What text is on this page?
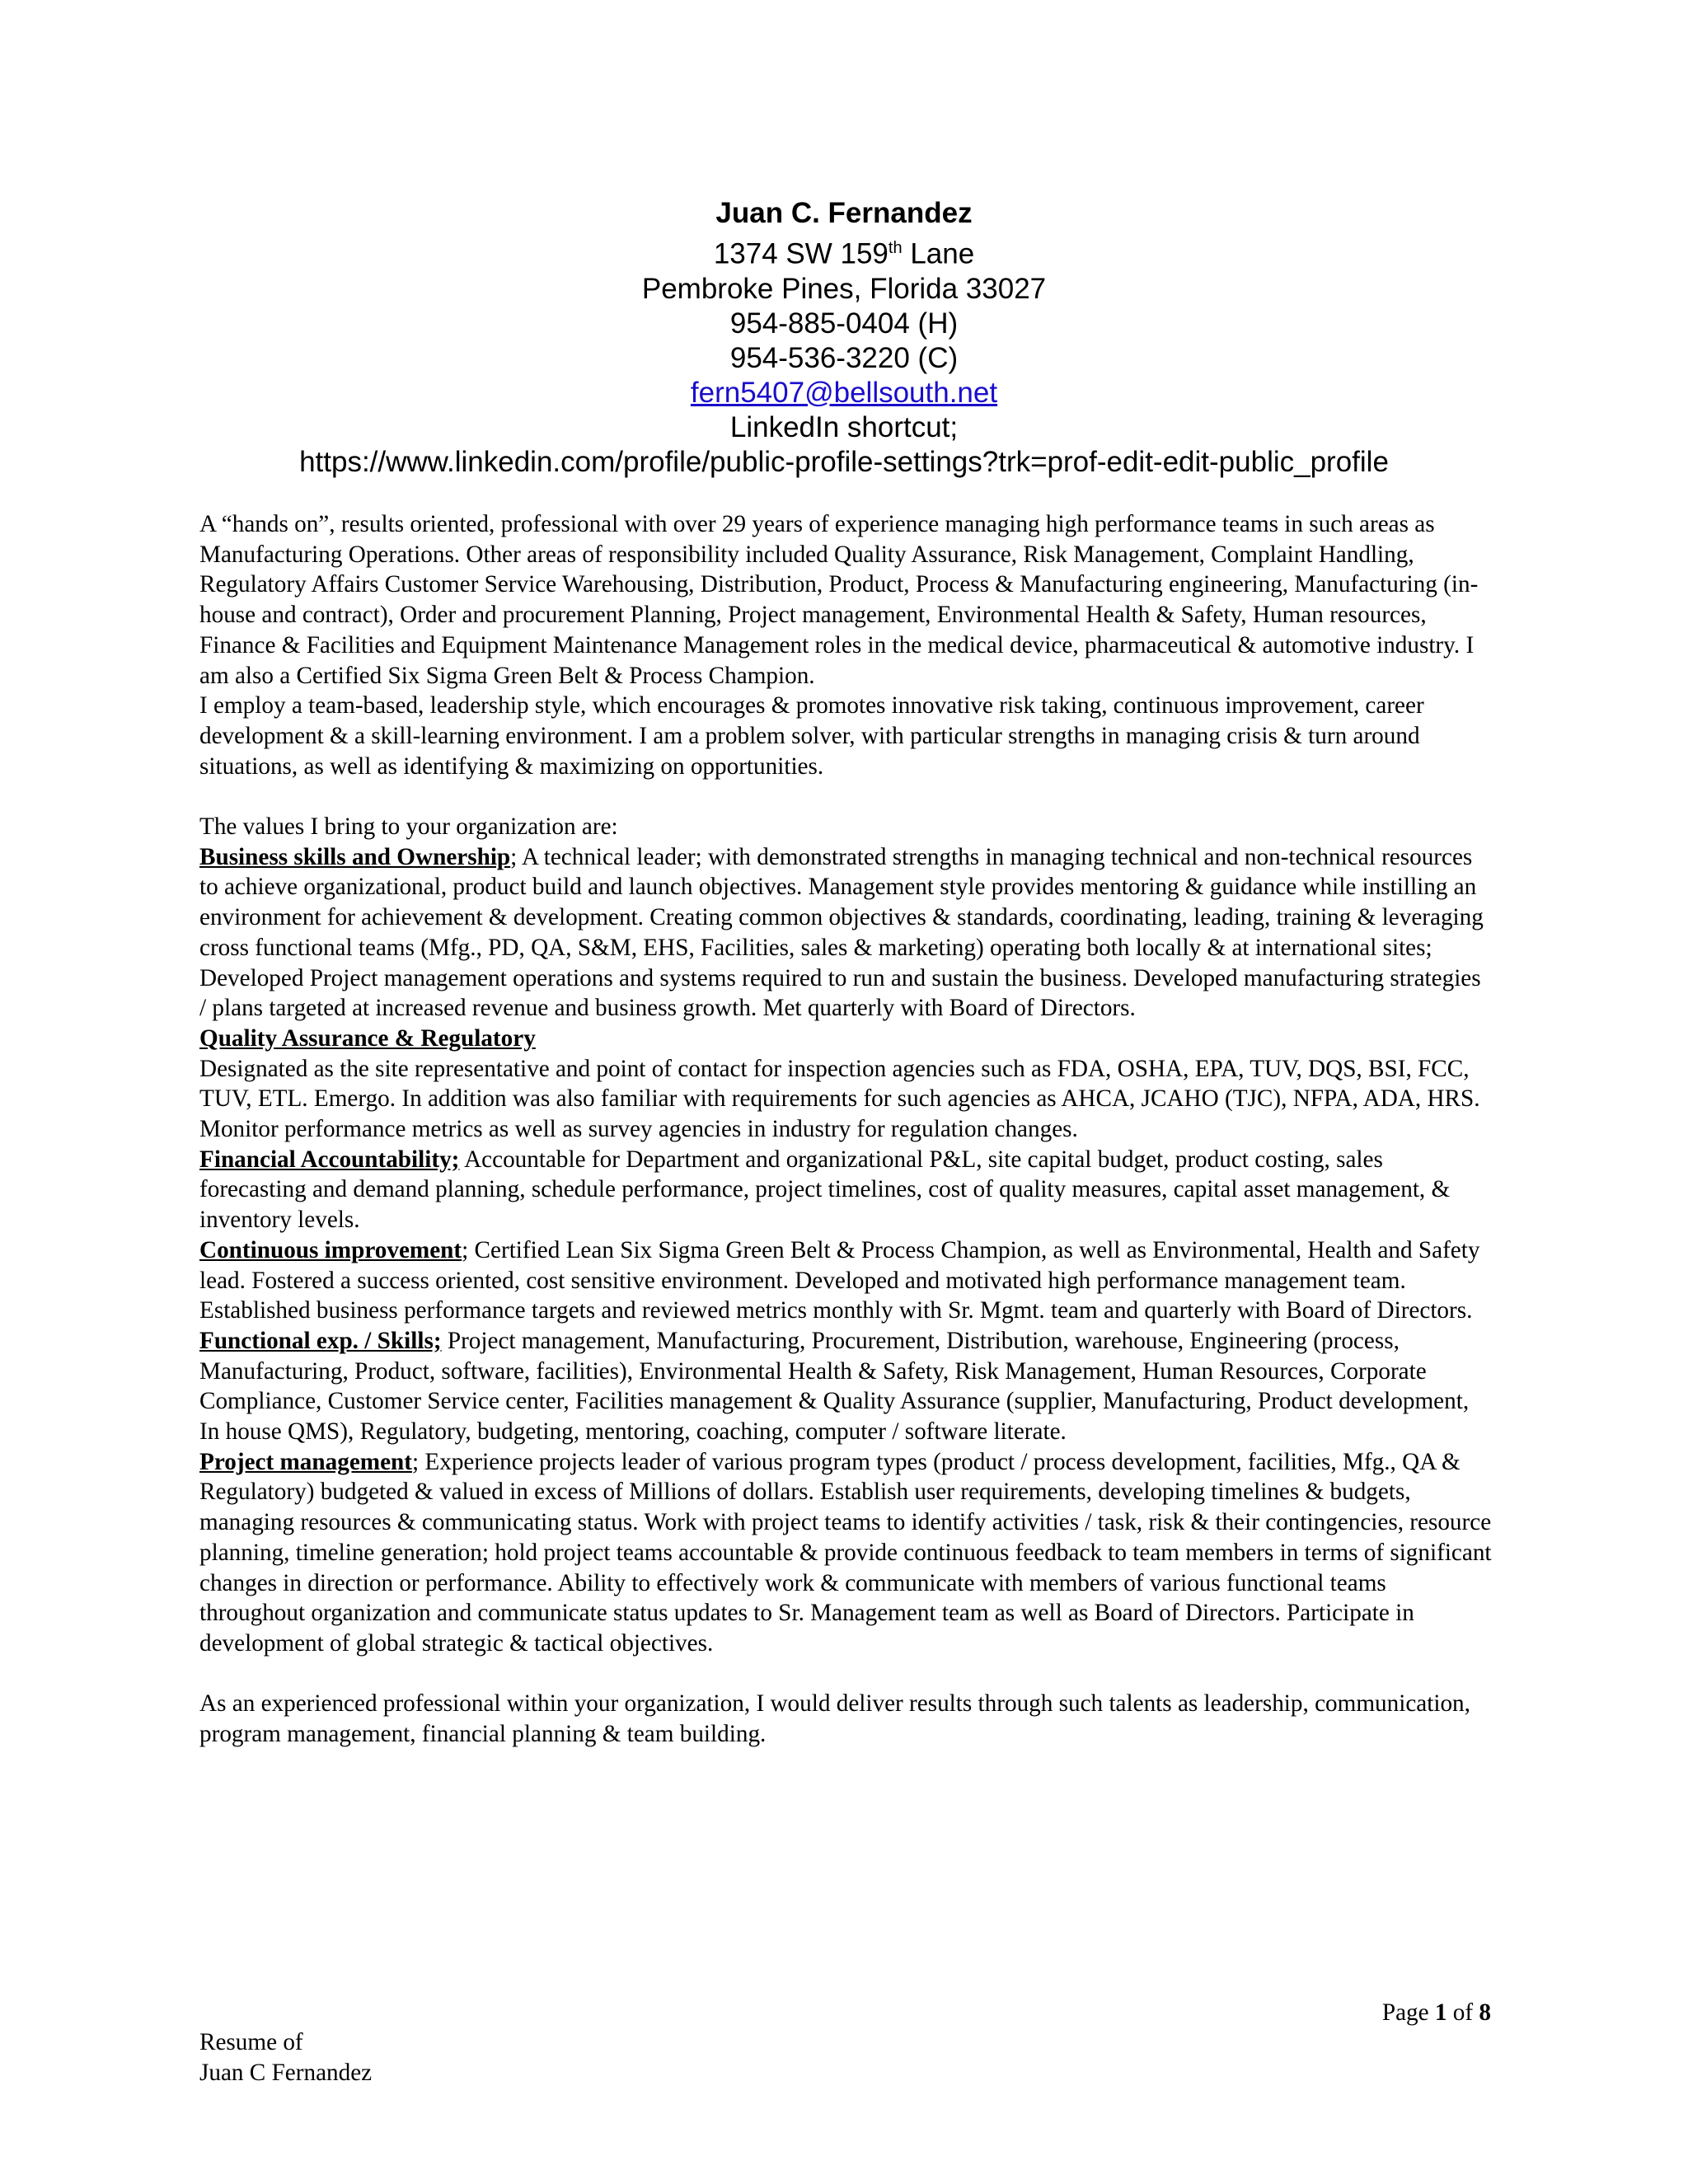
Juan C. Fernandez
1374 SW 159th Lane
Pembroke Pines, Florida 33027
954-885-0404 (H)
954-536-3220 (C)
fern5407@bellsouth.net
LinkedIn shortcut;
https://www.linkedin.com/profile/public-profile-settings?trk=prof-edit-edit-public_profile

A “hands on”, results oriented, professional with over 29 years of experience managing high performance teams in such areas as Manufacturing Operations. Other areas of responsibility included Quality Assurance, Risk Management, Complaint Handling, Regulatory Affairs Customer Service Warehousing, Distribution, Product, Process & Manufacturing engineering, Manufacturing (in-house and contract), Order and procurement Planning, Project management, Environmental Health & Safety, Human resources, Finance & Facilities and Equipment Maintenance Management roles in the medical device, pharmaceutical & automotive industry. I am also a Certified Six Sigma Green Belt & Process Champion.

I employ a team-based, leadership style, which encourages & promotes innovative risk taking, continuous improvement, career development & a skill-learning environment. I am a problem solver, with particular strengths in managing crisis & turn around situations, as well as identifying & maximizing on opportunities.

The values I bring to your organization are:

Business skills and Ownership; A technical leader; with demonstrated strengths in managing technical and non-technical resources to achieve organizational, product build and launch objectives. Management style provides mentoring & guidance while instilling an environment for achievement & development. Creating common objectives & standards, coordinating, leading, training & leveraging cross functional teams (Mfg., PD, QA, S&M, EHS, Facilities, sales & marketing) operating both locally & at international sites; Developed Project management operations and systems required to run and sustain the business. Developed manufacturing strategies / plans targeted at increased revenue and business growth. Met quarterly with Board of Directors.

Quality Assurance & Regulatory

Designated as the site representative and point of contact for inspection agencies such as FDA, OSHA, EPA, TUV, DQS, BSI, FCC, TUV, ETL. Emergo. In addition was also familiar with requirements for such agencies as AHCA, JCAHO (TJC), NFPA, ADA, HRS. Monitor performance metrics as well as survey agencies in industry for regulation changes.

Financial Accountability; Accountable for Department and organizational P&L, site capital budget, product costing, sales forecasting and demand planning, schedule performance, project timelines, cost of quality measures, capital asset management, & inventory levels.

Continuous improvement; Certified Lean Six Sigma Green Belt & Process Champion, as well as Environmental, Health and Safety lead. Fostered a success oriented, cost sensitive environment. Developed and motivated high performance management team. Established business performance targets and reviewed metrics monthly with Sr. Mgmt. team and quarterly with Board of Directors.

Functional exp. / Skills; Project management, Manufacturing, Procurement, Distribution, warehouse, Engineering (process, Manufacturing, Product, software, facilities), Environmental Health & Safety, Risk Management, Human Resources, Corporate Compliance, Customer Service center, Facilities management & Quality Assurance (supplier, Manufacturing, Product development, In house QMS), Regulatory, budgeting, mentoring, coaching, computer / software literate.

Project management; Experience projects leader of various program types (product / process development, facilities, Mfg., QA & Regulatory) budgeted & valued in excess of Millions of dollars. Establish user requirements, developing timelines & budgets, managing resources & communicating status. Work with project teams to identify activities / task, risk & their contingencies, resource planning, timeline generation; hold project teams accountable & provide continuous feedback to team members in terms of significant changes in direction or performance. Ability to effectively work & communicate with members of various functional teams throughout organization and communicate status updates to Sr. Management team as well as Board of Directors. Participate in development of global strategic & tactical objectives.

As an experienced professional within your organization, I would deliver results through such talents as leadership, communication, program management, financial planning & team building.

Page 1 of 8
Resume of
Juan C Fernandez
